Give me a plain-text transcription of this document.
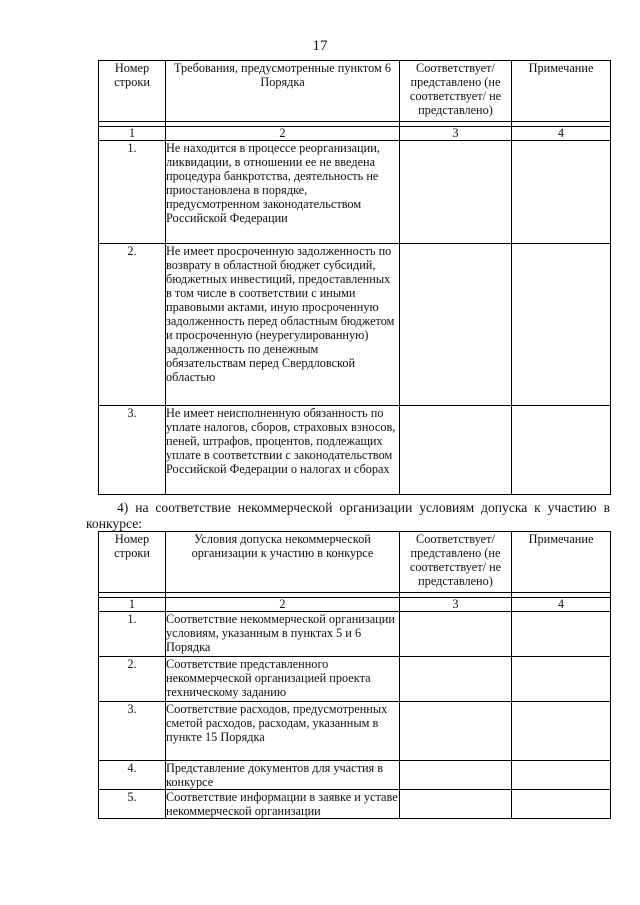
17
Номер строки	Требования, предусмотренные пунктом 6 Порядка	Соответствует/ представлено (не соответствует/ не представлено)	Примечание

1	2	3	4
1.	Не находится в процессе реорганизации, ликвидации, в отношении ее не введена процедура банкротства, деятельность не приостановлена в порядке, предусмотренном законодательством Российской Федерации		
2.	Не имеет просроченную задолженность по возврату в областной бюджет субсидий, бюджетных инвестиций, предоставленных в том числе в соответствии с иными правовыми актами, иную просроченную задолженность перед областным бюджетом и просроченную (неурегулированную) задолженность по денежным обязательствам перед Свердловской областью		
3.	Не имеет неисполненную обязанность по уплате налогов, сборов, страховых взносов, пеней, штрафов, процентов, подлежащих уплате в соответствии с законодательством Российской Федерации о налогах и сборах		
4) на соответствие некоммерческой организации условиям допуска к участию в конкурсе:
Номер строки	Условия допуска некоммерческой организации к участию в конкурсе	Соответствует/ представлено (не соответствует/ не представлено)	Примечание

1	2	3	4
1.	Соответствие некоммерческой организации условиям, указанным в пунктах 5 и 6 Порядка		
2.	Соответствие представленного некоммерческой организацией проекта техническому заданию		
3.	Соответствие расходов, предусмотренных сметой расходов, расходам, указанным в пункте 15 Порядка		
4.	Представление документов для участия в конкурсе		
5.	Соответствие информации в заявке и уставе некоммерческой организации		
